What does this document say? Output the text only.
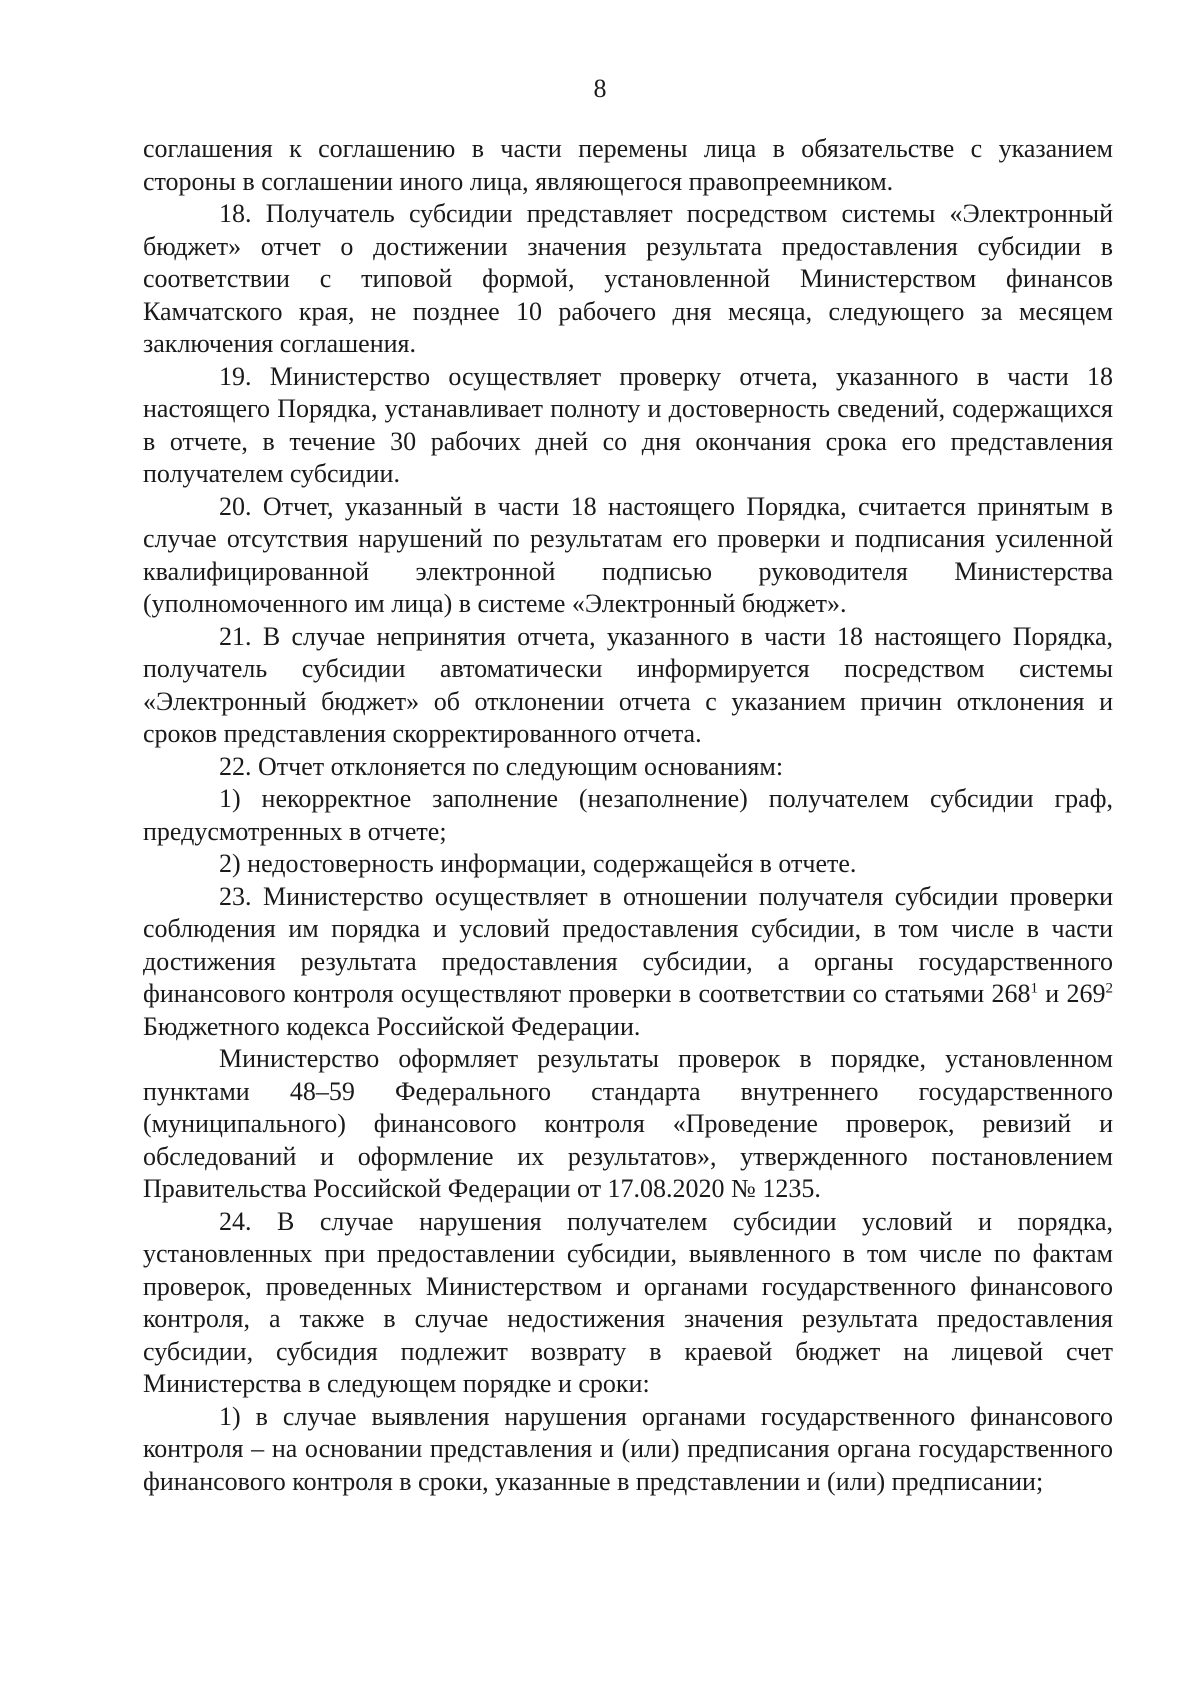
8

соглашения к соглашению в части перемены лица в обязательстве с указанием стороны в соглашении иного лица, являющегося правопреемником.

18. Получатель субсидии представляет посредством системы «Электронный бюджет» отчет о достижении значения результата предоставления субсидии в соответствии с типовой формой, установленной Министерством финансов Камчатского края, не позднее 10 рабочего дня месяца, следующего за месяцем заключения соглашения.

19. Министерство осуществляет проверку отчета, указанного в части 18 настоящего Порядка, устанавливает полноту и достоверность сведений, содержащихся в отчете, в течение 30 рабочих дней со дня окончания срока его представления получателем субсидии.

20. Отчет, указанный в части 18 настоящего Порядка, считается принятым в случае отсутствия нарушений по результатам его проверки и подписания усиленной квалифицированной электронной подписью руководителя Министерства (уполномоченного им лица) в системе «Электронный бюджет».

21. В случае непринятия отчета, указанного в части 18 настоящего Порядка, получатель субсидии автоматически информируется посредством системы «Электронный бюджет» об отклонении отчета с указанием причин отклонения и сроков представления скорректированного отчета.

22. Отчет отклоняется по следующим основаниям:

1) некорректное заполнение (незаполнение) получателем субсидии граф, предусмотренных в отчете;

2) недостоверность информации, содержащейся в отчете.

23. Министерство осуществляет в отношении получателя субсидии проверки соблюдения им порядка и условий предоставления субсидии, в том числе в части достижения результата предоставления субсидии, а органы государственного финансового контроля осуществляют проверки в соответствии со статьями $268^1$ и $269^2$ Бюджетного кодекса Российской Федерации.

Министерство оформляет результаты проверок в порядке, установленном пунктами 48–59 Федерального стандарта внутреннего государственного (муниципального) финансового контроля «Проведение проверок, ревизий и обследований и оформление их результатов», утвержденного постановлением Правительства Российской Федерации от 17.08.2020 № 1235.

24. В случае нарушения получателем субсидии условий и порядка, установленных при предоставлении субсидии, выявленного в том числе по фактам проверок, проведенных Министерством и органами государственного финансового контроля, а также в случае недостижения значения результата предоставления субсидии, субсидия подлежит возврату в краевой бюджет на лицевой счет Министерства в следующем порядке и сроки:

1) в случае выявления нарушения органами государственного финансового контроля – на основании представления и (или) предписания органа государственного финансового контроля в сроки, указанные в представлении и (или) предписании;
